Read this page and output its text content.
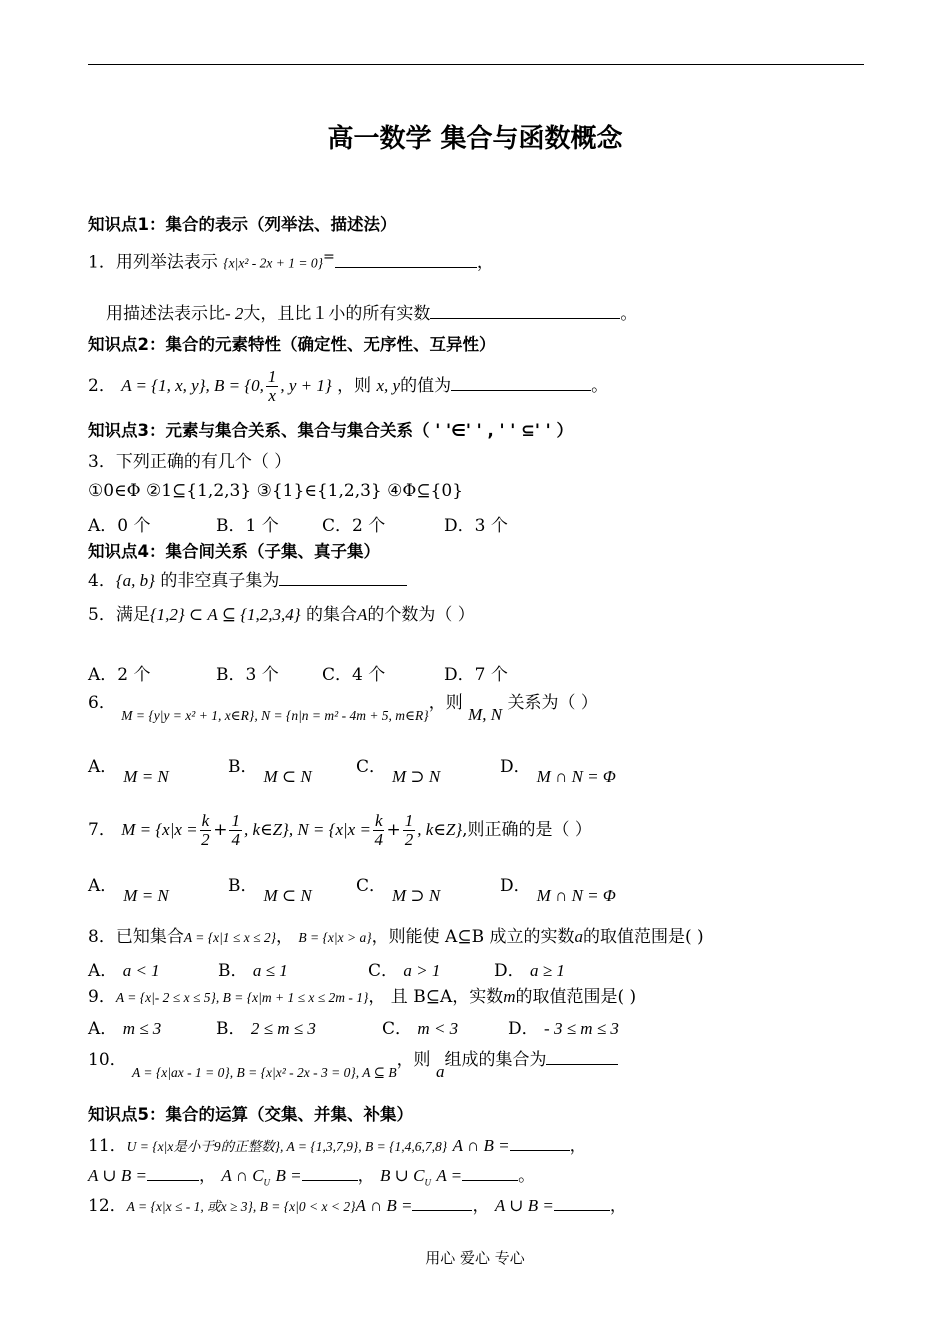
高一数学 集合与函数概念
知识点1：集合的表示（列举法、描述法）
1．用列举法表示 {x|x² - 2x + 1 = 0}=	，
用描述法表示比- 2大，且比１小的所有实数	。
知识点2：集合的元素特性（确定性、无序性、互异性）
2． A = {1, x, y}, B = {0, $\frac{1}{x}$ , y + 1} ，则 x, y的值为	。
知识点3：元素与集合关系、集合与集合关系（ ' '∈' ' , ' ' ⊆' ' ）
3．下列正确的有几个（ ）
①0∈Φ ②1⊆{1,2,3} ③{1}∈{1,2,3} ④Φ⊆{0}
A．0 个	B．1 个	C．2 个	D．3 个
知识点4：集合间关系（子集、真子集）
4．{a, b} 的非空真子集为
5．满足{1,2} ⊂ A ⊆ {1,2,3,4} 的集合A的个数为（ ）
A．2 个	B．3 个	C．4 个	D．7 个
6． $_{M = \{y|y = x^2 + 1, x\in R\}, N = \{n|n = m^2 - 4m + 5, m\in R\}}$，则 M, N 关系为（ ）
A． M = N	B． M ⊂ N	C． M ⊃ N	D． M ∩ N = Φ
7． $M = \{x|x = \frac{k}{2} + \frac{1}{4}$ , k∈Z}, $N = \{x|x = \frac{k}{4} + \frac{1}{2}$ , k∈Z},则正确的是（ ）
A． M = N	B． M ⊂ N	C． M ⊃ N	D． M ∩ N = Φ
8．已知集合A = {x|1 ≤ x ≤ 2}， B = {x|x > a}，则能使 A⊆B 成立的实数a的取值范围是( )
A． a < 1	B． a ≤ 1	C． a > 1	D． a ≥ 1
9．A = {x|- 2 ≤ x ≤ 5}, B = {x|m + 1 ≤ x ≤ 2m - 1}， 且 B⊆A，实数m的取值范围是( )
A． m ≤ 3	B． 2 ≤ m ≤ 3	C． m < 3	D． - 3 ≤ m ≤ 3
10． $_{A = \{x|ax - 1 = 0\}, B = \{x|x^2 - 2x - 3 = 0\}, A ⊆ B}$，则 a组成的集合为
知识点5：集合的运算（交集、并集、补集）
11．U = {x|x是小于9的正整数}, A = {1,3,7,9}, B = {1,4,6,7,8} A ∩ B =	，
A ∪ B =	， A ∩ $C_U$ B =	， B ∪ $C_U$ A =	。
12．A = {x|x ≤ - 1, 或x ≥ 3}, B = {x|0 < x < 2}A ∩ B =	， A ∪ B =	，
用心 爱心 专心
